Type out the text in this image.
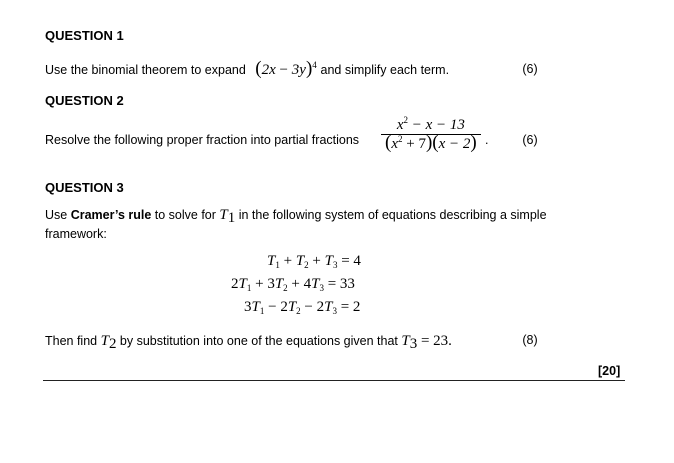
QUESTION 1
Use the binomial theorem to expand $(2x - 3y)^4$ and simplify each term.	(6)
QUESTION 2
Resolve the following proper fraction into partial fractions $\frac{x^2 - x - 13}{(x^2 + 7)(x - 2)}$ .	(6)
QUESTION 3
Use Cramer’s rule to solve for $T_1$ in the following system of equations describing a simple
framework:
$T_1 + T_2 + T_3 = 4$
$2T_1 + 3T_2 + 4T_3 = 33$
$3T_1 - 2T_2 - 2T_3 = 2$
Then find $T_2$ by substitution into one of the equations given that $T_3 = 23$.	(8)
[20]
